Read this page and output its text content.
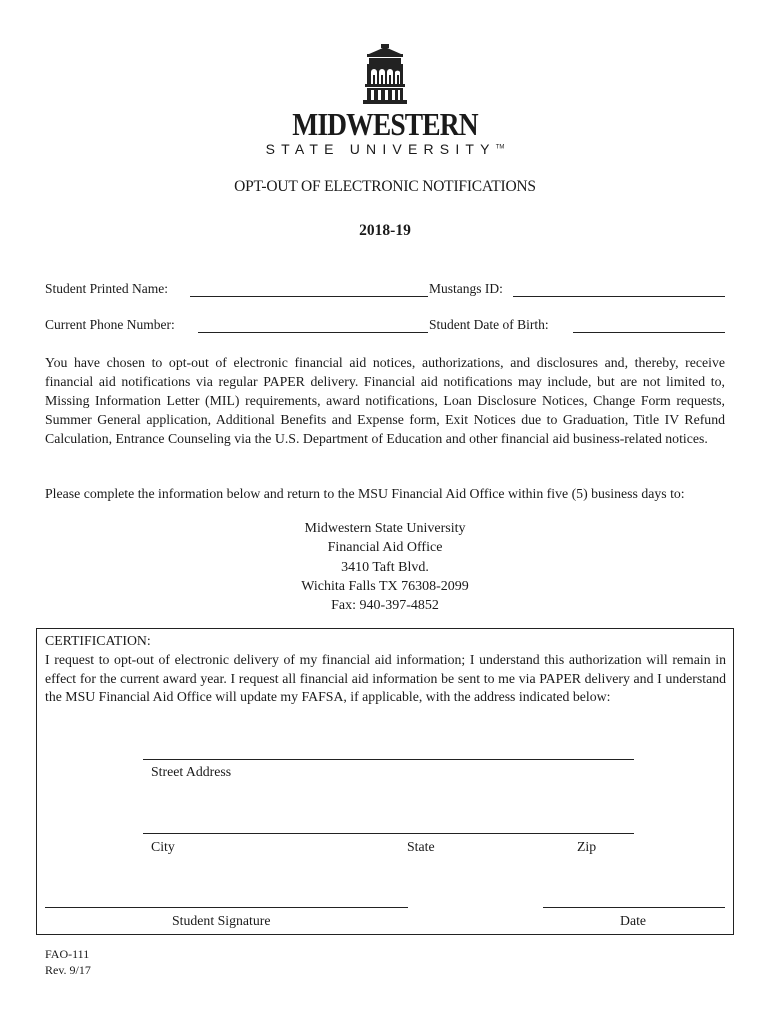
MIDWESTERN
STATE UNIVERSITY™
OPT-OUT OF ELECTRONIC NOTIFICATIONS
2018-19
Student Printed Name:	Mustangs ID:
Current Phone Number:	Student Date of Birth:
You have chosen to opt-out of electronic financial aid notices, authorizations, and disclosures and, thereby, receive financial aid notifications via regular PAPER delivery. Financial aid notifications may include, but are not limited to, Missing Information Letter (MIL) requirements, award notifications, Loan Disclosure Notices, Change Form requests, Summer General application, Additional Benefits and Expense form, Exit Notices due to Graduation, Title IV Refund Calculation, Entrance Counseling via the U.S. Department of Education and other financial aid business-related notices.
Please complete the information below and return to the MSU Financial Aid Office within five (5) business days to:
Midwestern State University
Financial Aid Office
3410 Taft Blvd.
Wichita Falls TX 76308-2099
Fax: 940-397-4852
CERTIFICATION:
I request to opt-out of electronic delivery of my financial aid information; I understand this authorization will remain in effect for the current award year. I request all financial aid information be sent to me via PAPER delivery and I understand the MSU Financial Aid Office will update my FAFSA, if applicable, with the address indicated below:
Street Address
City	State	Zip
Student Signature	Date
FAO-111
Rev. 9/17
